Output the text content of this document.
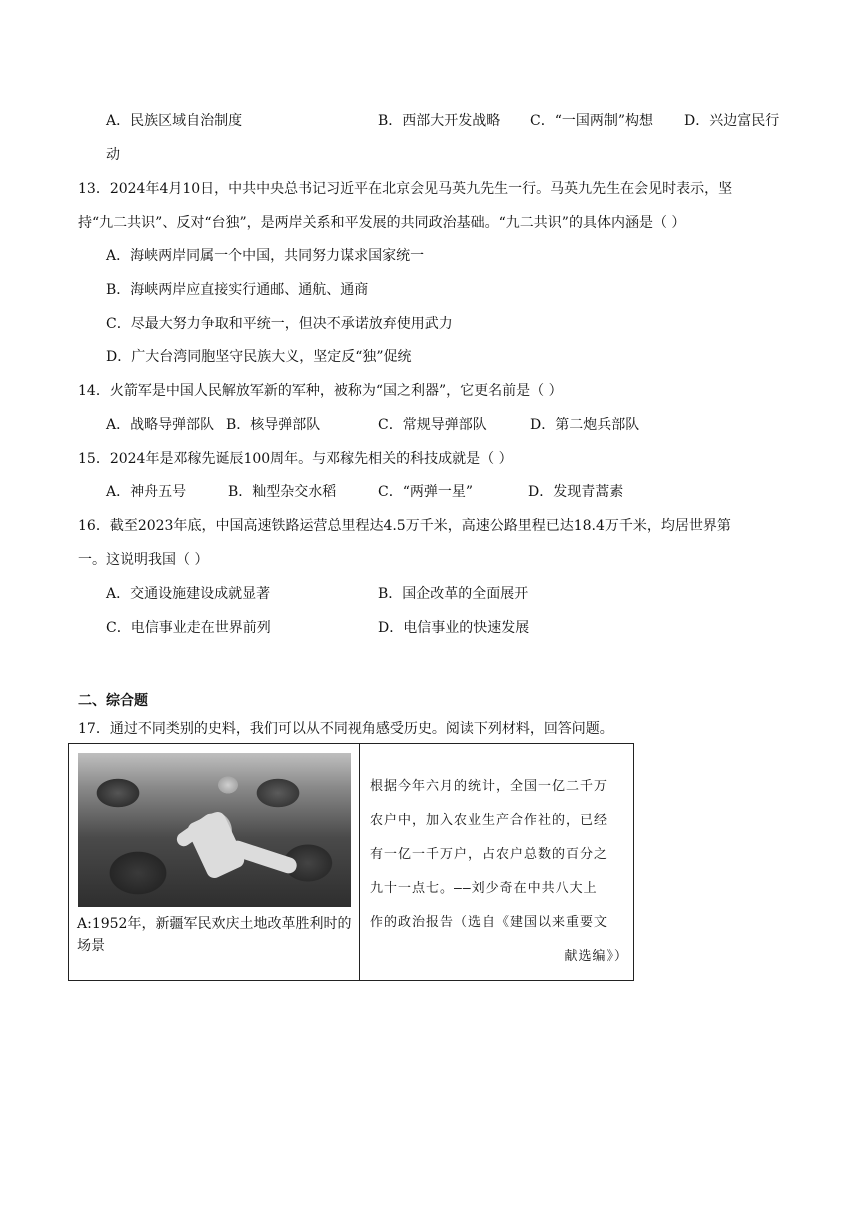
A．民族区域自治制度	B．西部大开发战略 C．“一国两制”构想 D．兴边富民行
动
13．2024年4月10日，中共中央总书记习近平在北京会见马英九先生一行。马英九先生在会见时表示，坚
持“九二共识”、反对“台独”，是两岸关系和平发展的共同政治基础。“九二共识”的具体内涵是（ ）
A．海峡两岸同属一个中国，共同努力谋求国家统一
B．海峡两岸应直接实行通邮、通航、通商
C．尽最大努力争取和平统一，但决不承诺放弃使用武力
D．广大台湾同胞坚守民族大义，坚定反“独”促统
14．火箭军是中国人民解放军新的军种，被称为“国之利器”，它更名前是（ ）
A．战略导弹部队 B．核导弹部队	C．常规导弹部队	D．第二炮兵部队
15．2024年是邓稼先诞辰100周年。与邓稼先相关的科技成就是（ ）
A．神舟五号	B．籼型杂交水稻	C．“两弹一星”	D．发现青蒿素
16．截至2023年底，中国高速铁路运营总里程达4.5万千米，高速公路里程已达18.4万千米，均居世界第
一。这说明我国（ ）
A．交通设施建设成就显著	B．国企改革的全面展开
C．电信事业走在世界前列	D．电信事业的快速发展
二、综合题
17．通过不同类别的史料，我们可以从不同视角感受历史。阅读下列材料，回答问题。
A:1952年，新疆军民欢庆土地改革胜利时的场景
根据今年六月的统计，全国一亿二千万
农户中，加入农业生产合作社的，已经
有一亿一千万户，占农户总数的百分之
九十一点七。——刘少奇在中共八大上
作的政治报告（选自《建国以来重要文
献选编》）
